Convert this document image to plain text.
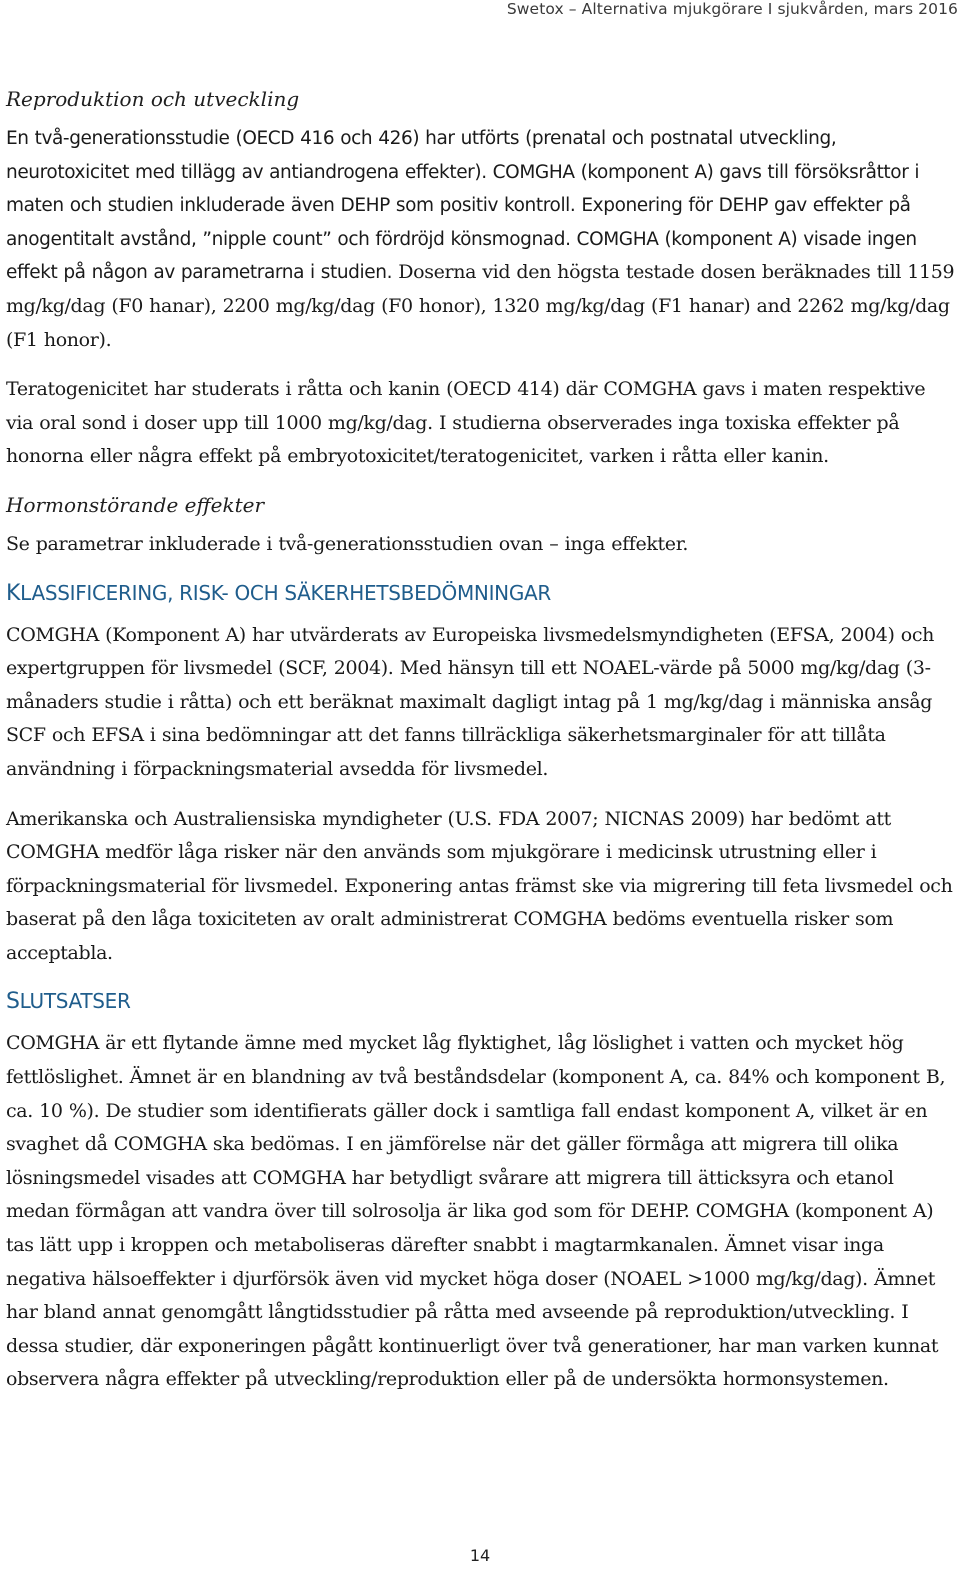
Swetox – Alternativa mjukgörare I sjukvården, mars 2016
Reproduktion och utveckling

En två-generationsstudie (OECD 416 och 426) har utförts (prenatal och postnatal utveckling, neurotoxicitet med tillägg av antiandrogena effekter). COMGHA (komponent A) gavs till försöksråttor i maten och studien inkluderade även DEHP som positiv kontroll. Exponering för DEHP gav effekter på anogentitalt avstånd, ”nipple count” och fördröjd könsmognad. COMGHA (komponent A) visade ingen effekt på någon av parametrarna i studien. Doserna vid den högsta testade dosen beräknades till 1159 mg/kg/dag (F0 hanar), 2200 mg/kg/dag (F0 honor), 1320 mg/kg/dag (F1 hanar) and 2262 mg/kg/dag (F1 honor).

Teratogenicitet har studerats i råtta och kanin (OECD 414) där COMGHA gavs i maten respektive via oral sond i doser upp till 1000 mg/kg/dag. I studierna observerades inga toxiska effekter på honorna eller några effekt på embryotoxicitet/teratogenicitet, varken i råtta eller kanin.

Hormonstörande effekter

Se parametrar inkluderade i två-generationsstudien ovan – inga effekter.

KLASSIFICERING, RISK- OCH SÄKERHETSBEDÖMNINGAR

COMGHA (Komponent A) har utvärderats av Europeiska livsmedelsmyndigheten (EFSA, 2004) och expertgruppen för livsmedel (SCF, 2004). Med hänsyn till ett NOAEL-värde på 5000 mg/kg/dag (3-månaders studie i råtta) och ett beräknat maximalt dagligt intag på 1 mg/kg/dag i människa ansåg SCF och EFSA i sina bedömningar att det fanns tillräckliga säkerhetsmarginaler för att tillåta användning i förpackningsmaterial avsedda för livsmedel.

Amerikanska och Australiensiska myndigheter (U.S. FDA 2007; NICNAS 2009) har bedömt att COMGHA medför låga risker när den används som mjukgörare i medicinsk utrustning eller i förpackningsmaterial för livsmedel. Exponering antas främst ske via migrering till feta livsmedel och baserat på den låga toxiciteten av oralt administrerat COMGHA bedöms eventuella risker som acceptabla.

SLUTSATSER

COMGHA är ett flytande ämne med mycket låg flyktighet, låg löslighet i vatten och mycket hög fettlöslighet. Ämnet är en blandning av två beståndsdelar (komponent A, ca. 84% och komponent B, ca. 10 %). De studier som identifierats gäller dock i samtliga fall endast komponent A, vilket är en svaghet då COMGHA ska bedömas. I en jämförelse när det gäller förmåga att migrera till olika lösningsmedel visades att COMGHA har betydligt svårare att migrera till ätticksyra och etanol medan förmågan att vandra över till solrosolja är lika god som för DEHP. COMGHA (komponent A) tas lätt upp i kroppen och metaboliseras därefter snabbt i magtarmkanalen. Ämnet visar inga negativa hälsoeffekter i djurförsök även vid mycket höga doser (NOAEL >1000 mg/kg/dag). Ämnet har bland annat genomgått långtidsstudier på råtta med avseende på reproduktion/utveckling. I dessa studier, där exponeringen pågått kontinuerligt över två generationer, har man varken kunnat observera några effekter på utveckling/reproduktion eller på de undersökta hormonsystemen.

14
